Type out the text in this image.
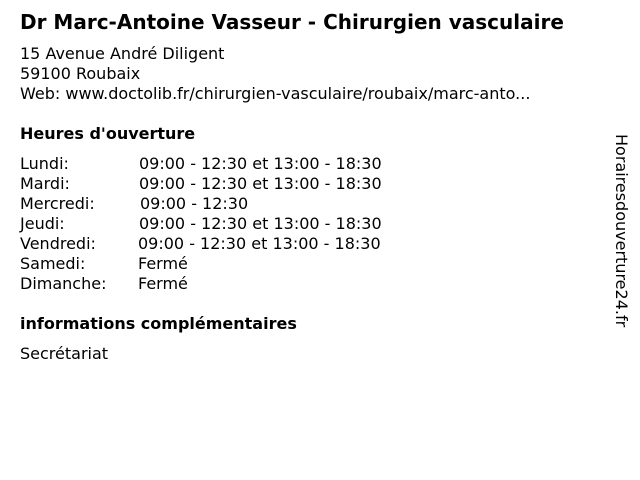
Dr Marc-Antoine Vasseur - Chirurgien vasculaire
15 Avenue André Diligent
59100 Roubaix
Web: www.doctolib.fr/chirurgien-vasculaire/roubaix/marc-anto...
Heures d'ouverture
Lundi:	09:00 - 12:30 et 13:00 - 18:30
Mardi:	09:00 - 12:30 et 13:00 - 18:30
Mercredi:	09:00 - 12:30
Jeudi:	09:00 - 12:30 et 13:00 - 18:30
Vendredi:	09:00 - 12:30 et 13:00 - 18:30
Samedi:	Fermé
Dimanche: Fermé
informations complémentaires
Secrétariat
Horairesdouverture24.fr
